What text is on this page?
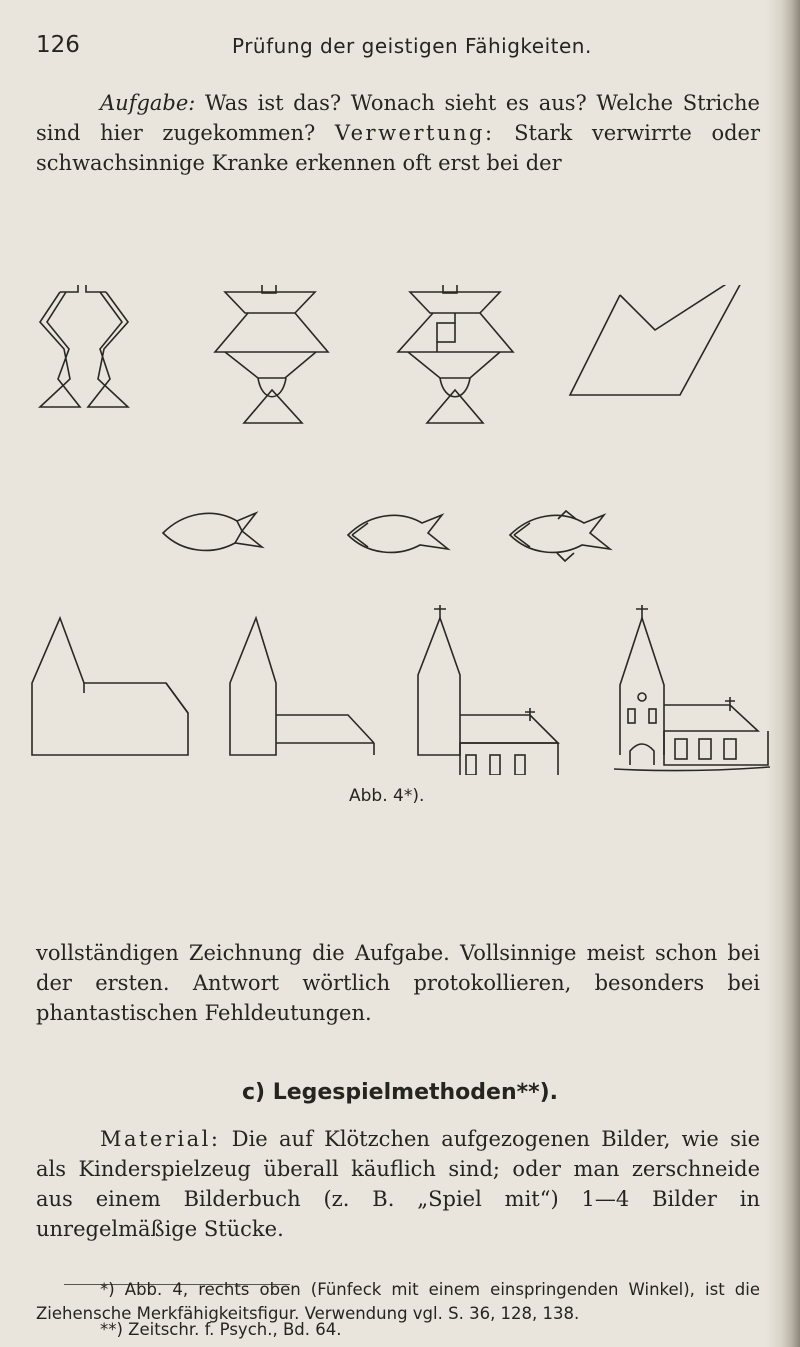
126	Prüfung der geistigen Fähigkeiten.

Aufgabe: Was ist das? Wonach sieht es aus? Welche Striche sind hier zugekommen? Verwertung: Stark verwirrte oder schwachsinnige Kranke erkennen oft erst bei der

Abb. 4*).

vollständigen Zeichnung die Aufgabe. Vollsinnige meist schon bei der ersten. Antwort wörtlich protokollieren, besonders bei phantastischen Fehldeutungen.

c) Legespielmethoden**).

Material: Die auf Klötzchen aufgezogenen Bilder, wie sie als Kinderspielzeug überall käuflich sind; oder man zerschneide aus einem Bilderbuch (z. B. „Spiel mit“) 1—4 Bilder in unregelmäßige Stücke.

*) Abb. 4, rechts oben (Fünfeck mit einem einspringenden Winkel), ist die Ziehensche Merkfähigkeitsfigur. Verwendung vgl. S. 36, 128, 138.

**) Zeitschr. f. Psych., Bd. 64.
